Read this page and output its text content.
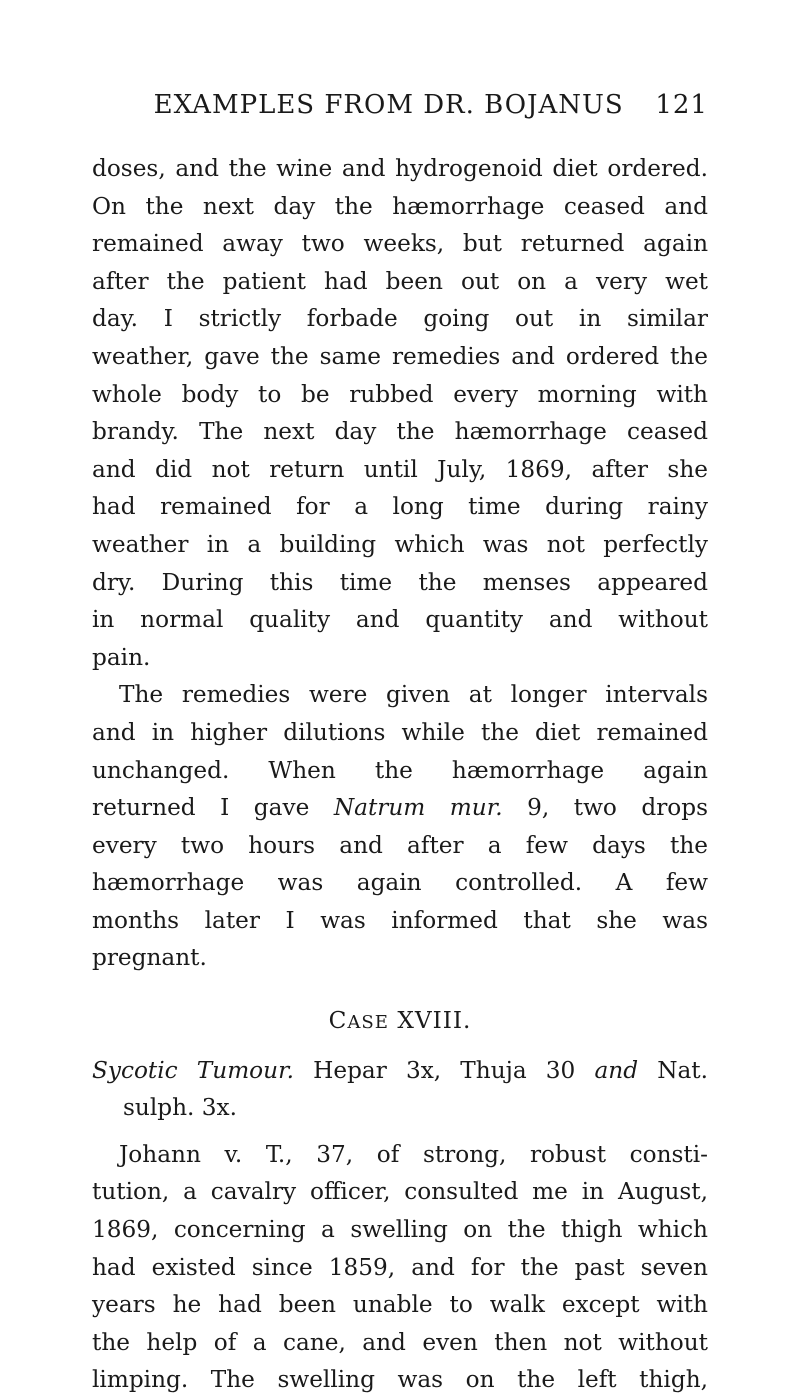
EXAMPLES FROM DR. BOJANUS 121
doses, and the wine and hydrogenoid diet ordered.
On the next day the hæmorrhage ceased and
remained away two weeks, but returned again
after the patient had been out on a very wet
day. I strictly forbade going out in similar
weather, gave the same remedies and ordered the
whole body to be rubbed every morning with
brandy. The next day the hæmorrhage ceased
and did not return until July, 1869, after she
had remained for a long time during rainy
weather in a building which was not perfectly
dry. During this time the menses appeared
in normal quality and quantity and without
pain.
The remedies were given at longer intervals
and in higher dilutions while the diet remained
unchanged. When the hæmorrhage again
returned I gave Natrum mur. 9, two drops
every two hours and after a few days the
hæmorrhage was again controlled. A few
months later I was informed that she was
pregnant.
CASE XVIII.
Sycotic Tumour. Hepar 3x, Thuja 30 and Nat.
sulph. 3x.
Johann v. T., 37, of strong, robust consti-
tution, a cavalry officer, consulted me in August,
1869, concerning a swelling on the thigh which
had existed since 1859, and for the past seven
years he had been unable to walk except with
the help of a cane, and even then not without
limping. The swelling was on the left thigh,
